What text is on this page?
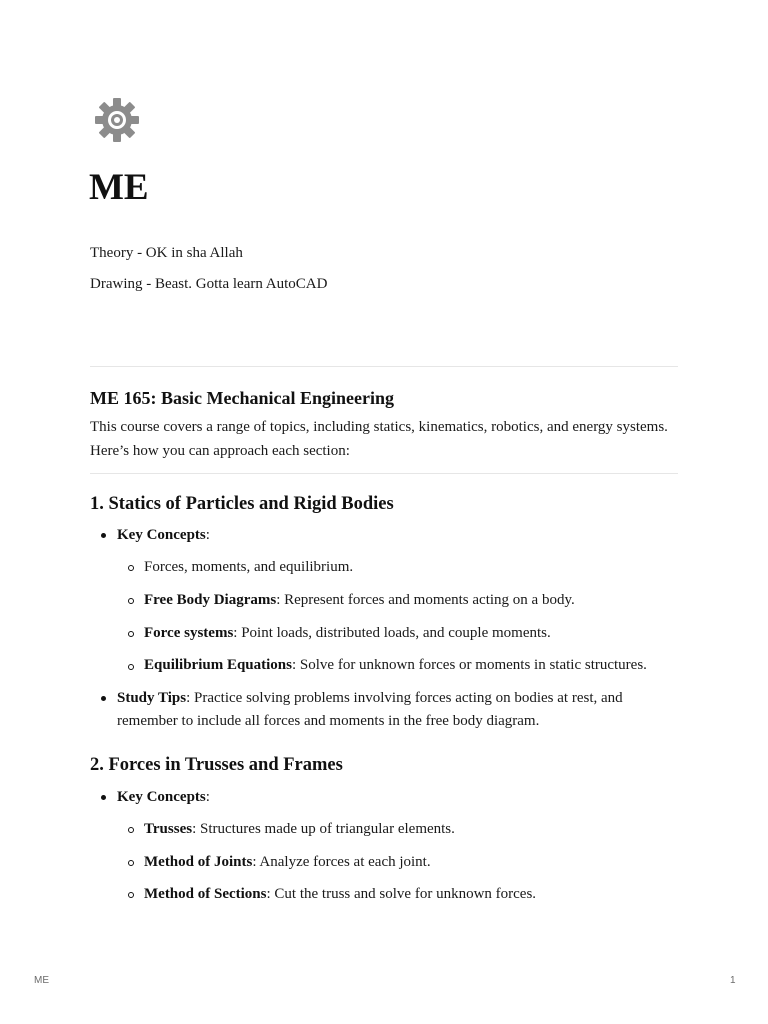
ME

Theory - OK in sha Allah

Drawing - Beast. Gotta learn AutoCAD

ME 165: Basic Mechanical Engineering

This course covers a range of topics, including statics, kinematics, robotics, and energy systems.

Here’s how you can approach each section:

1. Statics of Particles and Rigid Bodies

Key Concepts:

Forces, moments, and equilibrium.

Free Body Diagrams: Represent forces and moments acting on a body.

Force systems: Point loads, distributed loads, and couple moments.

Equilibrium Equations: Solve for unknown forces or moments in static structures.

Study Tips: Practice solving problems involving forces acting on bodies at rest, and

remember to include all forces and moments in the free body diagram.

2. Forces in Trusses and Frames

Key Concepts:

Trusses: Structures made up of triangular elements.

Method of Joints: Analyze forces at each joint.

Method of Sections: Cut the truss and solve for unknown forces.

ME	1
